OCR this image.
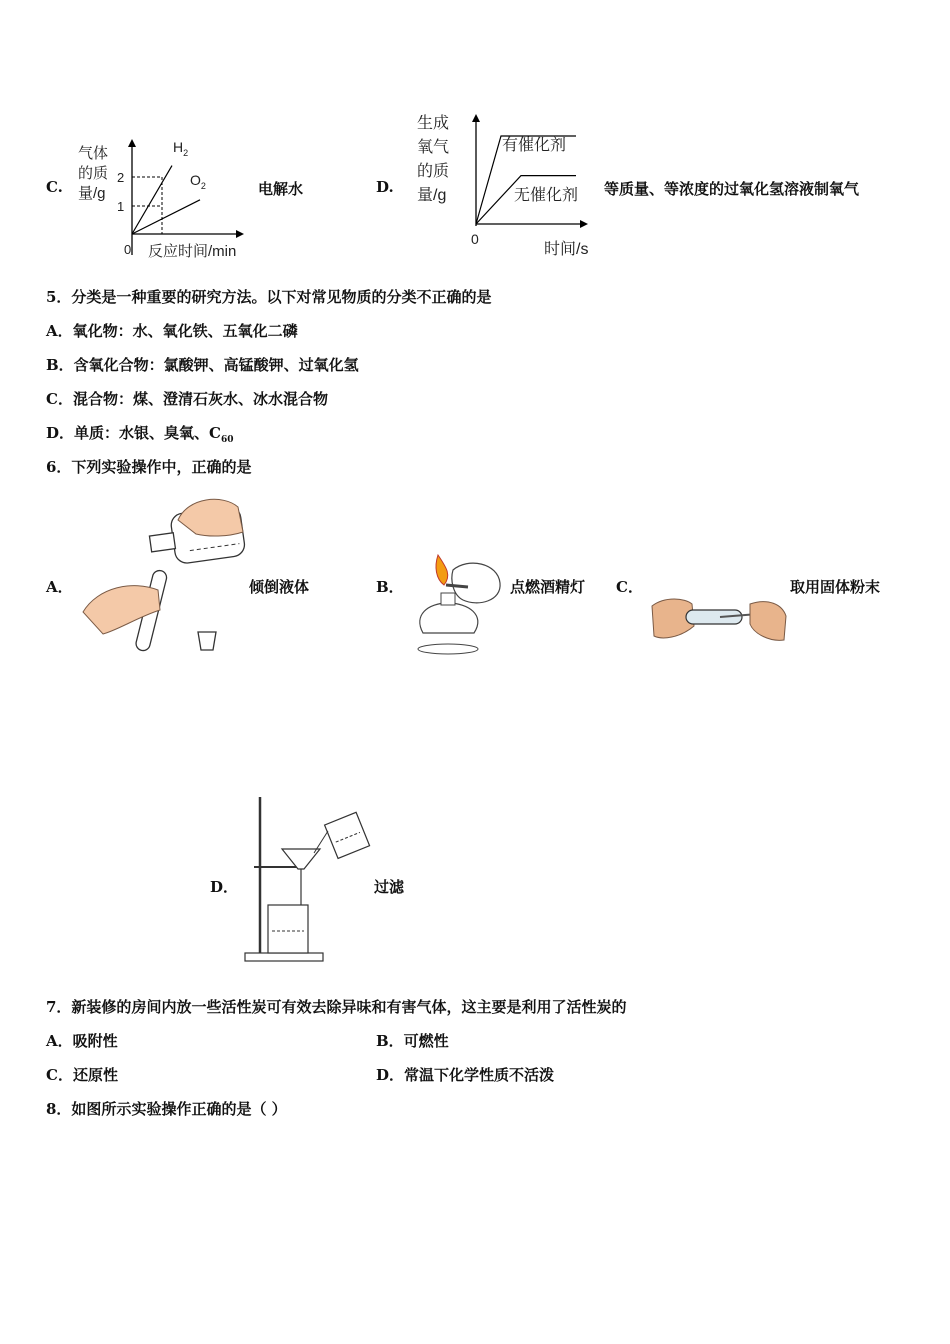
C.
气体
的质
量/g
2
1
$H_2$
$O_2$
0 反应时间/min
电解水	D.
生成
氧气
的质
量/g
有催化剂
无催化剂
0
时间/s
等质量、等浓度的过氧化氢溶液制氧气
5．分类是一种重要的研究方法。以下对常见物质的分类不正确的是
A．氧化物：水、氧化铁、五氧化二磷
B．含氧化合物：氯酸钾、高锰酸钾、过氧化氢
C．混合物：煤、澄清石灰水、冰水混合物
D．单质：水银、臭氧、$C_{60}$
6．下列实验操作中，正确的是
A．	倾倒液体	B．	点燃酒精灯 C．	取用固体粉末
D．	过滤
7．新装修的房间内放一些活性炭可有效去除异味和有害气体，这主要是利用了活性炭的
A．吸附性	B．可燃性
C．还原性	D．常温下化学性质不活泼
8．如图所示实验操作正确的是（ ）
